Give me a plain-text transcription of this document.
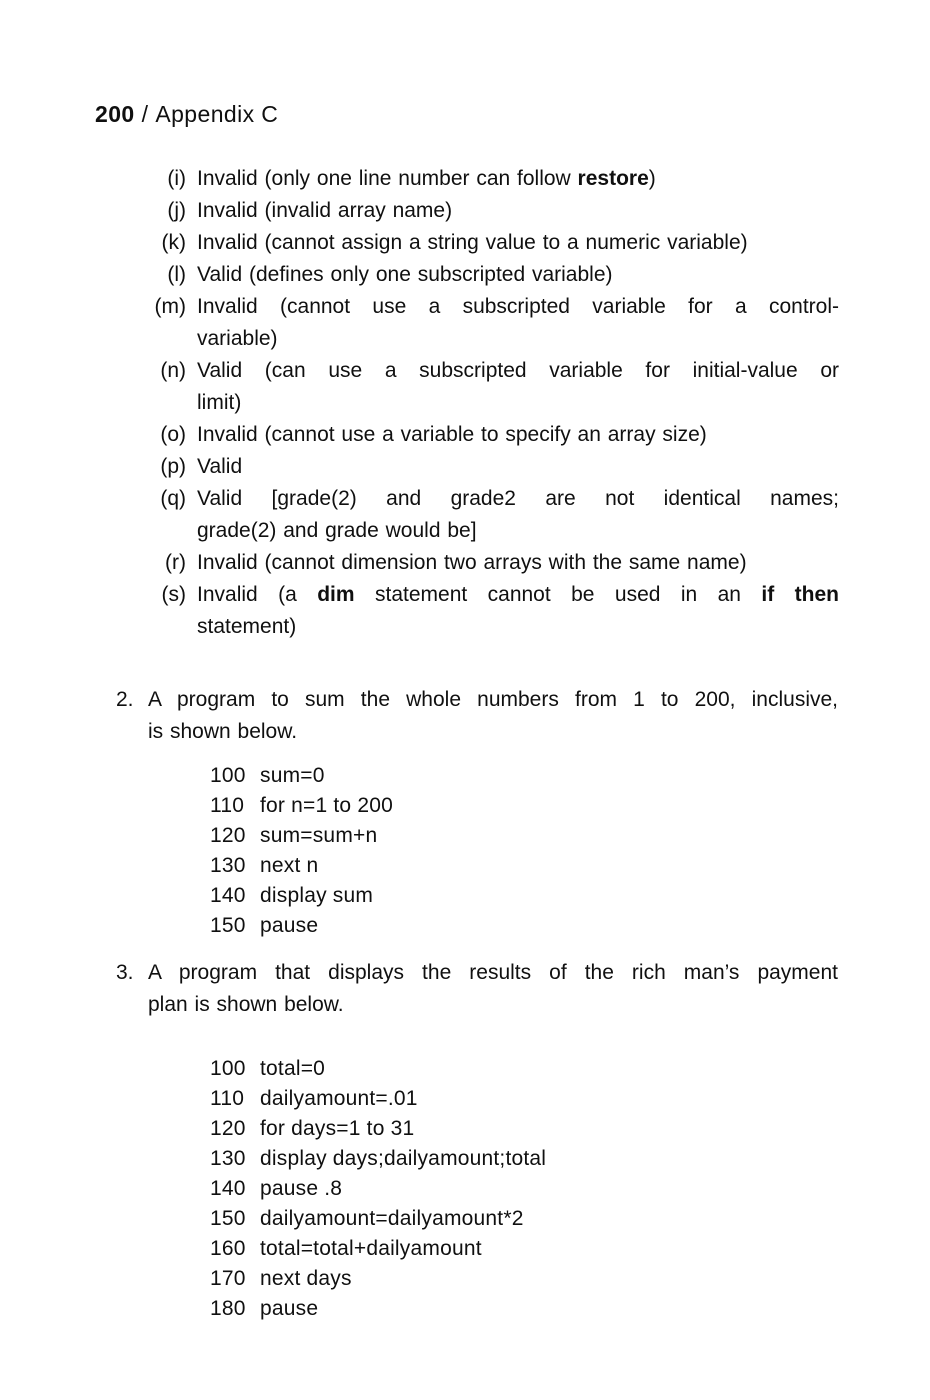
200 / Appendix C
(i) Invalid (only one line number can follow restore)
(j) Invalid (invalid array name)
(k) Invalid (cannot assign a string value to a numeric variable)
(l) Valid (defines only one subscripted variable)
(m) Invalid (cannot use a subscripted variable for a control-
variable)
(n) Valid (can use a subscripted variable for initial-value or
limit)
(o) Invalid (cannot use a variable to specify an array size)
(p) Valid
(q) Valid [grade(2) and grade2 are not identical names;
grade(2) and grade would be]
(r) Invalid (cannot dimension two arrays with the same name)
(s) Invalid (a dim statement cannot be used in an if then
statement)
2. A program to sum the whole numbers from 1 to 200, inclusive,
is shown below.
100 sum=0
110 for n=1 to 200
120 sum=sum+n
130 next n
140 display sum
150 pause
3. A program that displays the results of the rich man’s payment
plan is shown below.
100 total=0
110 dailyamount=.01
120 for days=1 to 31
130 display days;dailyamount;total
140 pause .8
150 dailyamount=dailyamount*2
160 total=total+dailyamount
170 next days
180 pause
